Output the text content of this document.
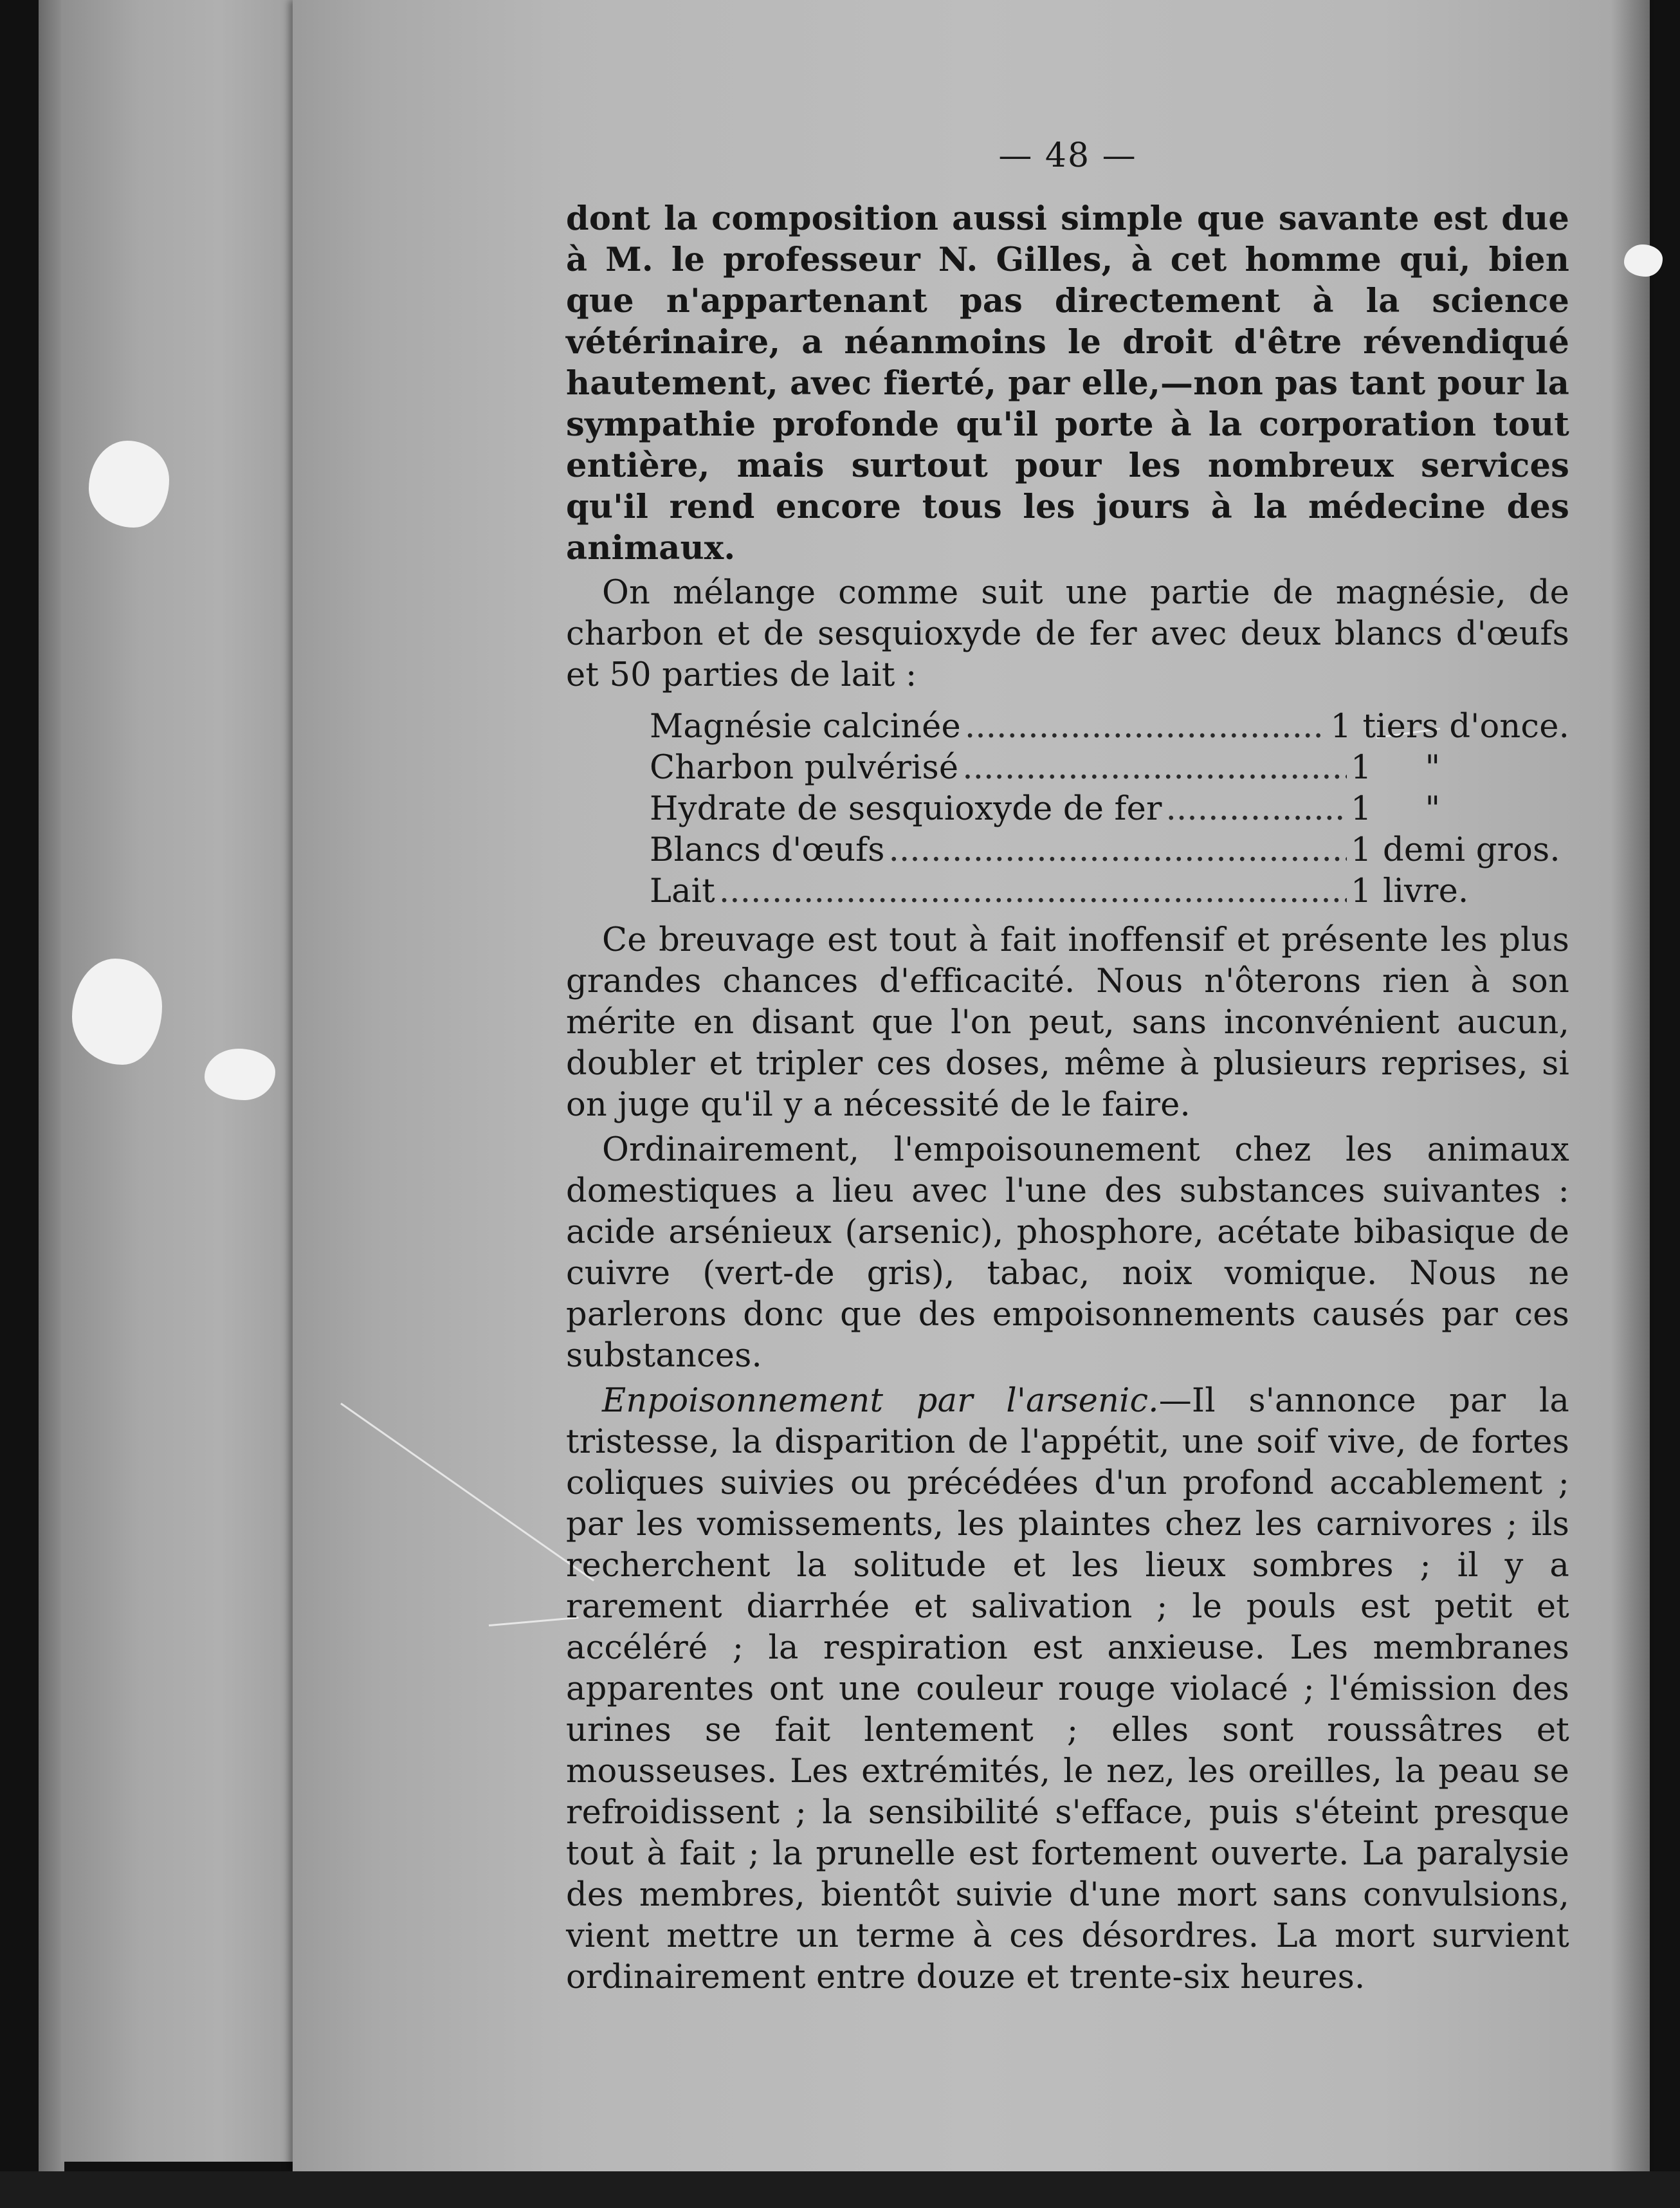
— 48 —

dont la composition aussi simple que savante est due à M. le professeur N. Gilles, à cet homme qui, bien que n'appartenant pas directement à la science vétérinaire, a néanmoins le droit d'être révendiqué hautement, avec fierté, par elle,—non pas tant pour la sympathie profonde qu'il porte à la corporation tout entière, mais surtout pour les nombreux services qu'il rend encore tous les jours à la médecine des animaux.

On mélange comme suit une partie de magnésie, de charbon et de sesquioxyde de fer avec deux blancs d'œufs et 50 parties de lait :

Magnésie calcinée .....	1 tiers d'once.
Charbon pulvérisé .....	1    "
Hydrate de sesquioxyde de fer .....	1    "
Blancs d'œufs .....	1 demi gros.
Lait .....	1 livre.

Ce breuvage est tout à fait inoffensif et présente les plus grandes chances d'efficacité. Nous n'ôterons rien à son mérite en disant que l'on peut, sans inconvénient aucun, doubler et tripler ces doses, même à plusieurs reprises, si on juge qu'il y a nécessité de le faire.

Ordinairement, l'empoisounement chez les animaux domestiques a lieu avec l'une des substances suivantes : acide arsénieux (arsenic), phosphore, acétate bibasique de cuivre (vert-de gris), tabac, noix vomique. Nous ne parlerons donc que des empoisonnements causés par ces substances.

Enpoisonnement par l'arsenic.—Il s'annonce par la tristesse, la disparition de l'appétit, une soif vive, de fortes coliques suivies ou précédées d'un profond accablement ; par les vomissements, les plaintes chez les carnivores ; ils recherchent la solitude et les lieux sombres ; il y a rarement diarrhée et salivation ; le pouls est petit et accéléré ; la respiration est anxieuse. Les membranes apparentes ont une couleur rouge violacé ; l'émission des urines se fait lentement ; elles sont roussâtres et mousseuses. Les extrémités, le nez, les oreilles, la peau se refroidissent ; la sensibilité s'efface, puis s'éteint presque tout à fait ; la prunelle est fortement ouverte. La paralysie des membres, bientôt suivie d'une mort sans convulsions, vient mettre un terme à ces désordres. La mort survient ordinairement entre douze et trente-six heures.
